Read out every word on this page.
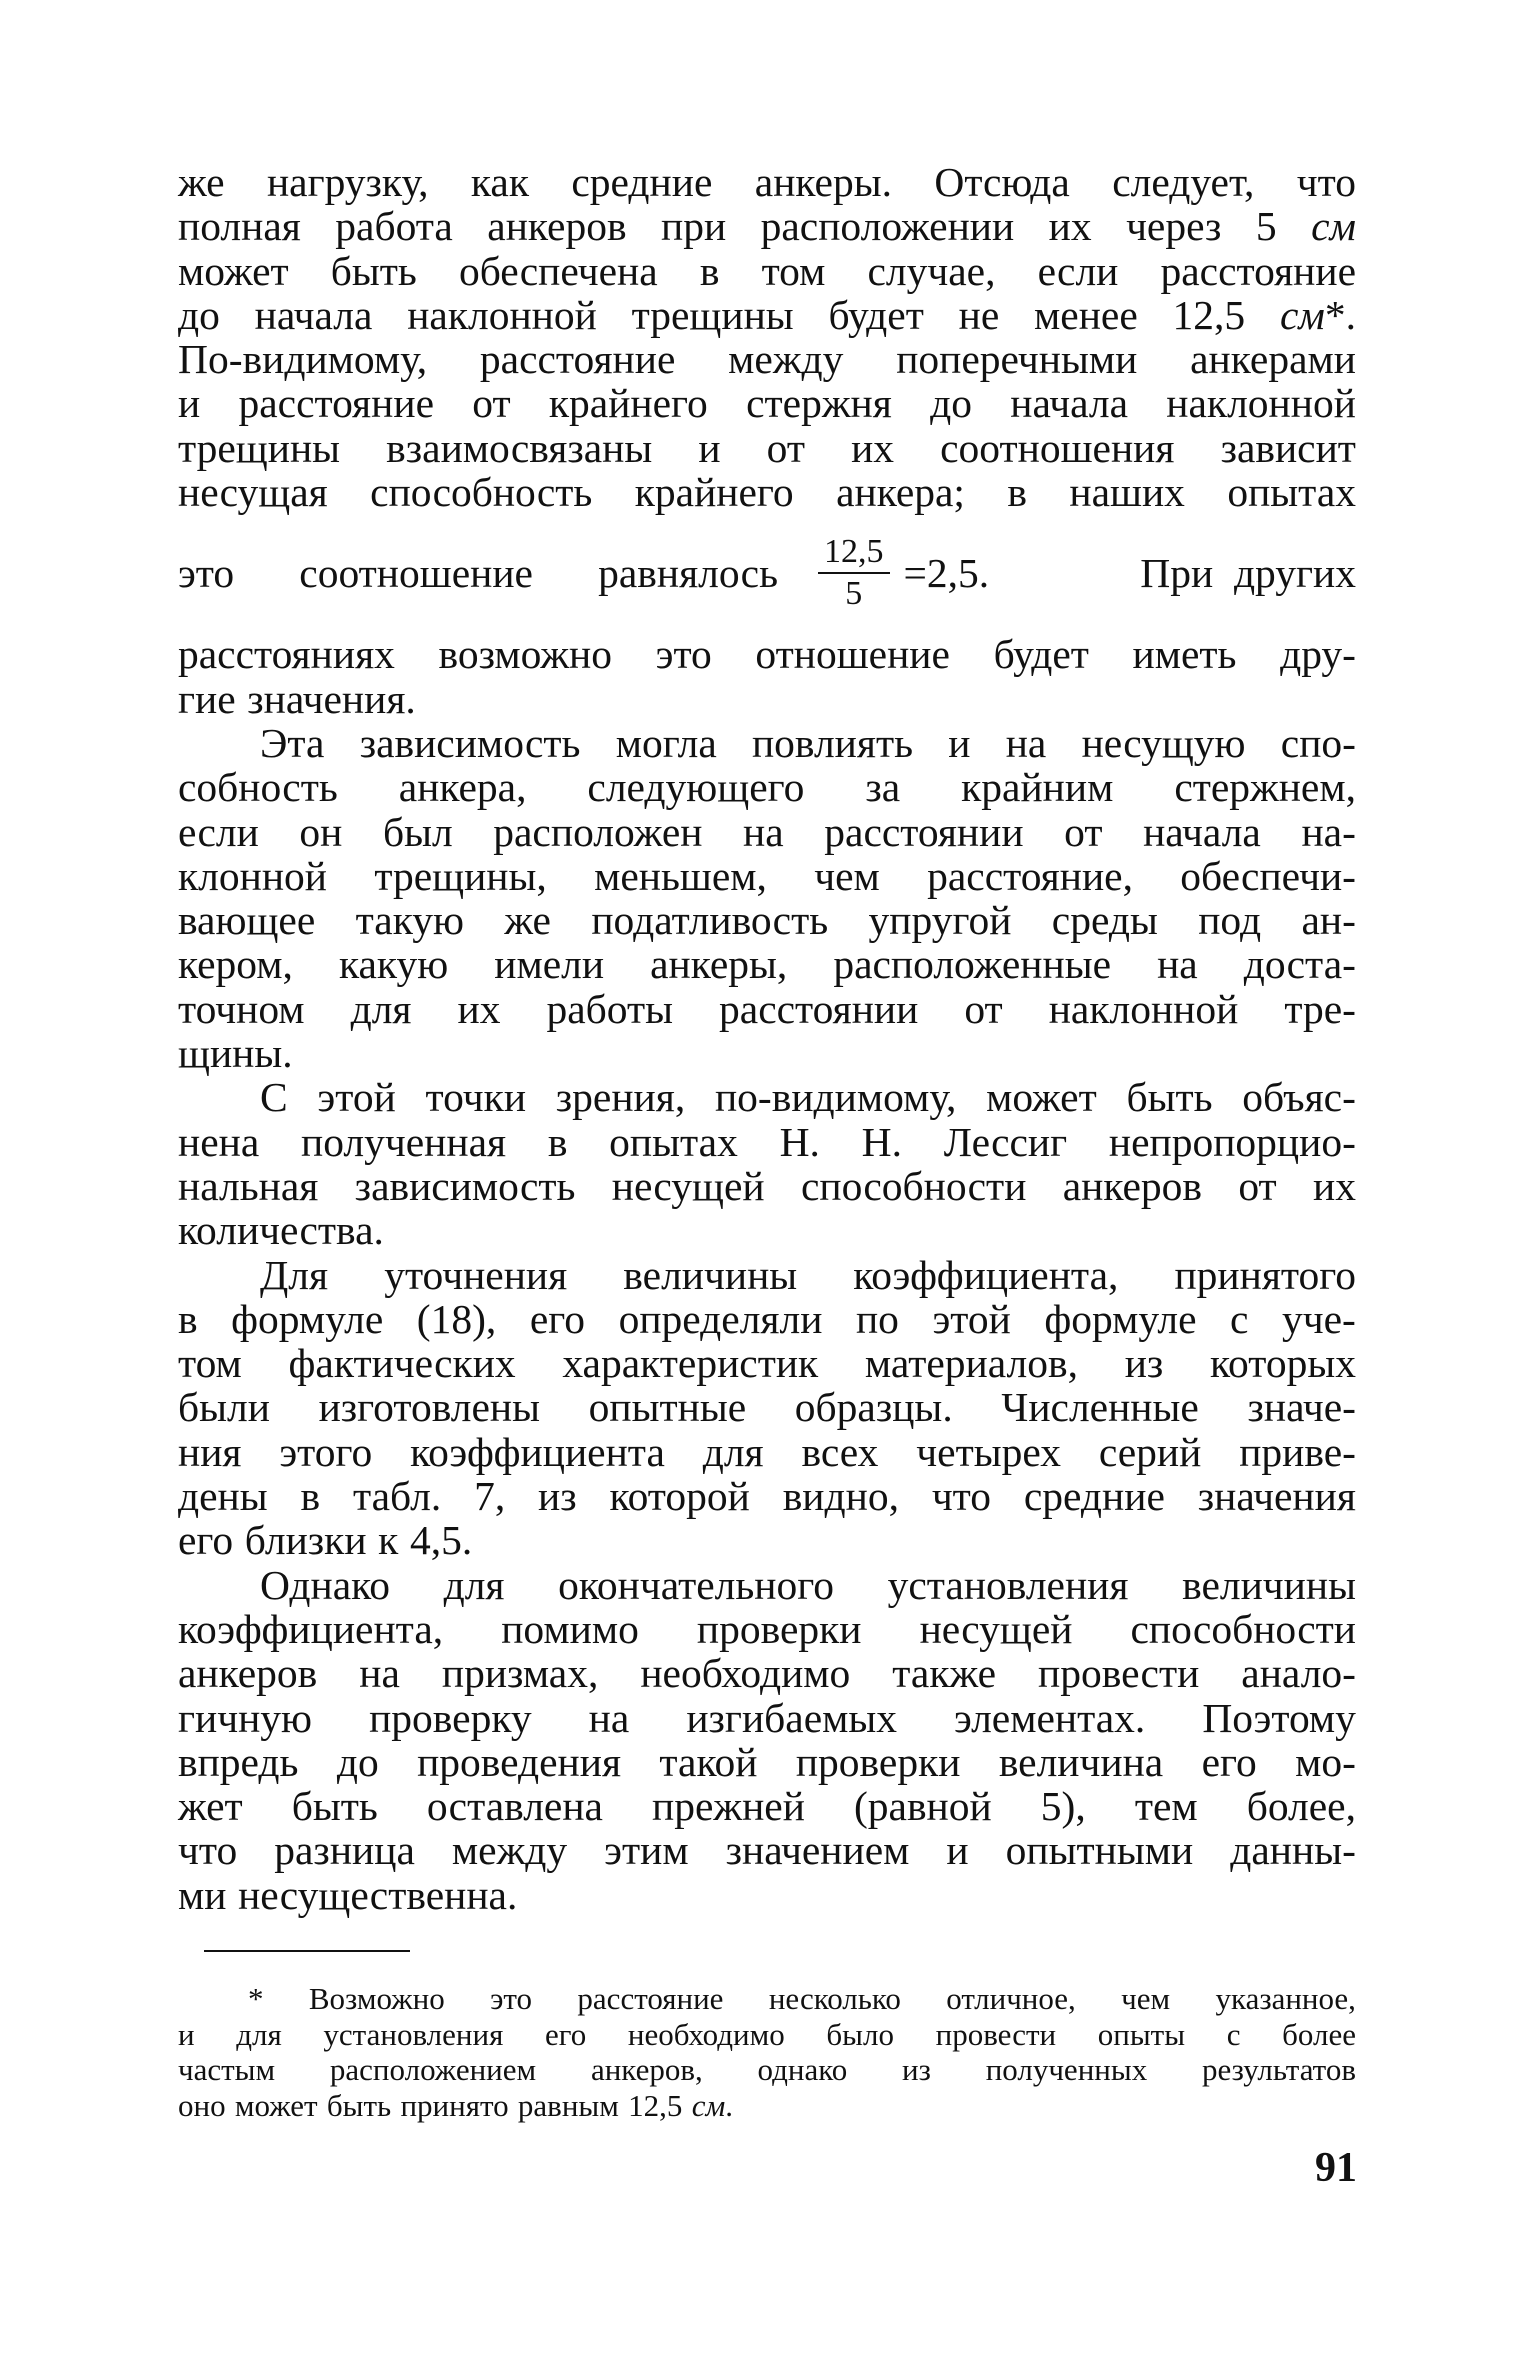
же нагрузку, как средние анкеры. Отсюда следует, что
полная работа анкеров при расположении их через 5 см
может быть обеспечена в том случае, если расстояние
до начала наклонной трещины будет не менее 12,5 см*.
По-видимому, расстояние между поперечными анкерами
и расстояние от крайнего стержня до начала наклонной
трещины взаимосвязаны и от их соотношения зависит
несущая способность крайнего анкера; в наших опытах
это соотношение равнялось $\frac{12,5}{5} =2,5$.	При других
расстояниях возможно это отношение будет иметь дру-
гие значения.
Эта зависимость могла повлиять и на несущую спо-
собность анкера, следующего за крайним стержнем,
если он был расположен на расстоянии от начала на-
клонной трещины, меньшем, чем расстояние, обеспечи-
вающее такую же податливость упругой среды под ан-
кером, какую имели анкеры, расположенные на доста-
точном для их работы расстоянии от наклонной тре-
щины.
С этой точки зрения, по-видимому, может быть объяс-
нена полученная в опытах Н. Н. Лессиг непропорцио-
нальная зависимость несущей способности анкеров от их
количества.
Для уточнения величины коэффициента, принятого
в формуле (18), его определяли по этой формуле с уче-
том фактических характеристик материалов, из которых
были изготовлены опытные образцы. Численные значе-
ния этого коэффициента для всех четырех серий приве-
дены в табл. 7, из которой видно, что средние значения
его близки к 4,5.
Однако для окончательного установления величины
коэффициента, помимо проверки несущей способности
анкеров на призмах, необходимо также провести анало-
гичную проверку на изгибаемых элементах. Поэтому
впредь до проведения такой проверки величина его мо-
жет быть оставлена прежней (равной 5), тем более,
что разница между этим значением и опытными данны-
ми несущественна.
* Возможно это расстояние несколько отличное, чем указанное,
и для установления его необходимо было провести опыты с более
частым расположением анкеров, однако из полученных результатов
оно может быть принято равным 12,5 см.
91
